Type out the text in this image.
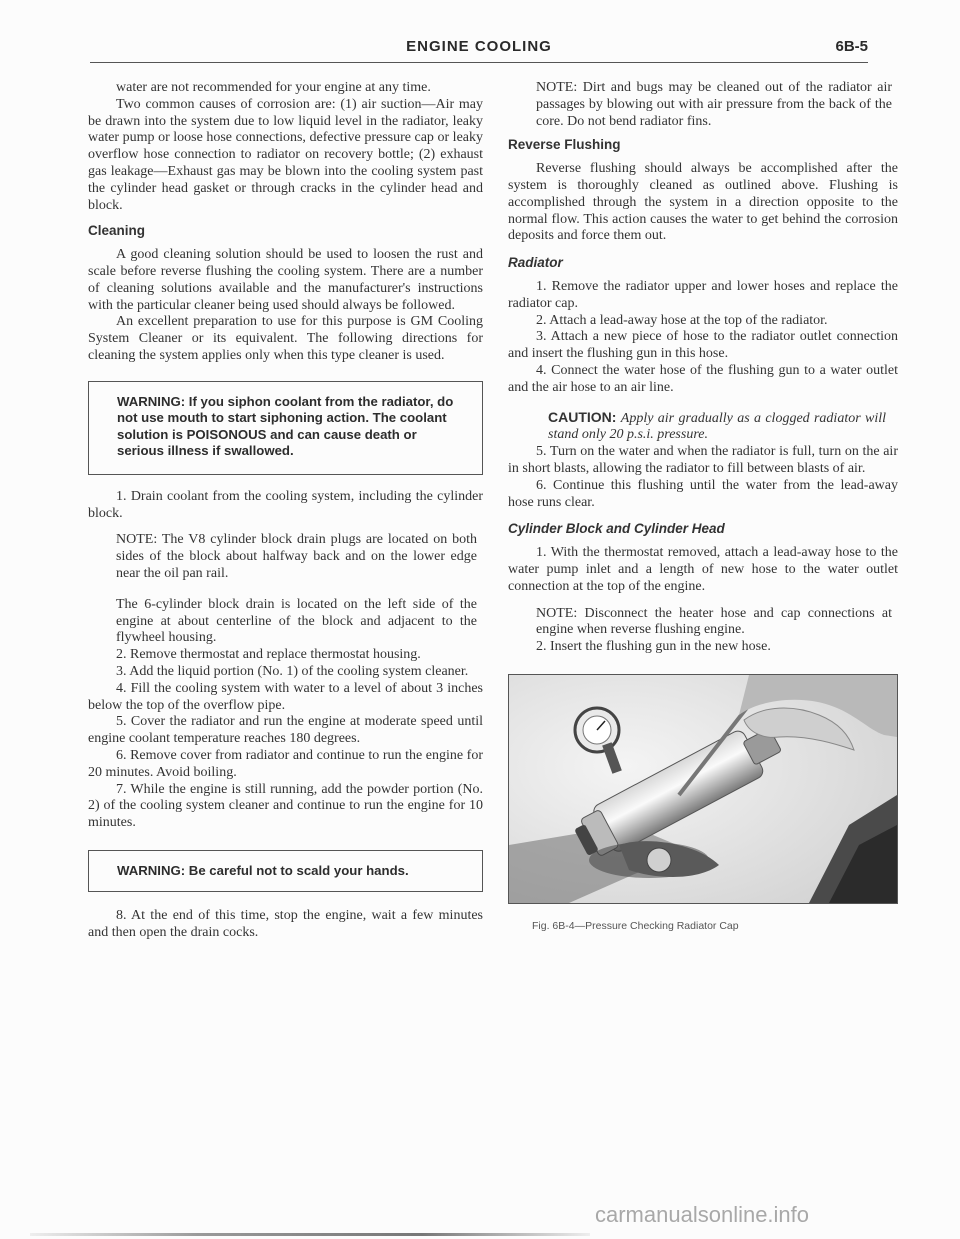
ENGINE COOLING	6B-5

water are not recommended for your engine at any time.

Two common causes of corrosion are: (1) air suction—Air may be drawn into the system due to low liquid level in the radiator, leaky water pump or loose hose connections, defective pressure cap or leaky overflow hose connection to radiator on recovery bottle; (2) exhaust gas leakage—Exhaust gas may be blown into the cooling system past the cylinder head gasket or through cracks in the cylinder head and block.

Cleaning

A good cleaning solution should be used to loosen the rust and scale before reverse flushing the cooling system. There are a number of cleaning solutions available and the manufacturer's instructions with the particular cleaner being used should always be followed.

An excellent preparation to use for this purpose is GM Cooling System Cleaner or its equivalent. The following directions for cleaning the system applies only when this type cleaner is used.

WARNING: If you siphon coolant from the radiator, do not use mouth to start siphoning action. The coolant solution is POISONOUS and can cause death or serious illness if swallowed.

1. Drain coolant from the cooling system, including the cylinder block.

NOTE: The V8 cylinder block drain plugs are located on both sides of the block about halfway back and on the lower edge near the oil pan rail.

The 6-cylinder block drain is located on the left side of the engine at about centerline of the block and adjacent to the flywheel housing.

2. Remove thermostat and replace thermostat housing.

3. Add the liquid portion (No. 1) of the cooling system cleaner.

4. Fill the cooling system with water to a level of about 3 inches below the top of the overflow pipe.

5. Cover the radiator and run the engine at moderate speed until engine coolant temperature reaches 180 degrees.

6. Remove cover from radiator and continue to run the engine for 20 minutes. Avoid boiling.

7. While the engine is still running, add the powder portion (No. 2) of the cooling system cleaner and continue to run the engine for 10 minutes.

WARNING: Be careful not to scald your hands.

8. At the end of this time, stop the engine, wait a few minutes and then open the drain cocks.

NOTE: Dirt and bugs may be cleaned out of the radiator air passages by blowing out with air pressure from the back of the core. Do not bend radiator fins.

Reverse Flushing

Reverse flushing should always be accomplished after the system is thoroughly cleaned as outlined above. Flushing is accomplished through the system in a direction opposite to the normal flow. This action causes the water to get behind the corrosion deposits and force them out.

Radiator

1. Remove the radiator upper and lower hoses and replace the radiator cap.

2. Attach a lead-away hose at the top of the radiator.

3. Attach a new piece of hose to the radiator outlet connection and insert the flushing gun in this hose.

4. Connect the water hose of the flushing gun to a water outlet and the air hose to an air line.

CAUTION: Apply air gradually as a clogged radiator will stand only 20 p.s.i. pressure.

5. Turn on the water and when the radiator is full, turn on the air in short blasts, allowing the radiator to fill between blasts of air.

6. Continue this flushing until the water from the lead-away hose runs clear.

Cylinder Block and Cylinder Head

1. With the thermostat removed, attach a lead-away hose to the water pump inlet and a length of new hose to the water outlet connection at the top of the engine.

NOTE: Disconnect the heater hose and cap connections at engine when reverse flushing engine.

2. Insert the flushing gun in the new hose.

Fig. 6B-4—Pressure Checking Radiator Cap
carmanualsonline.info
